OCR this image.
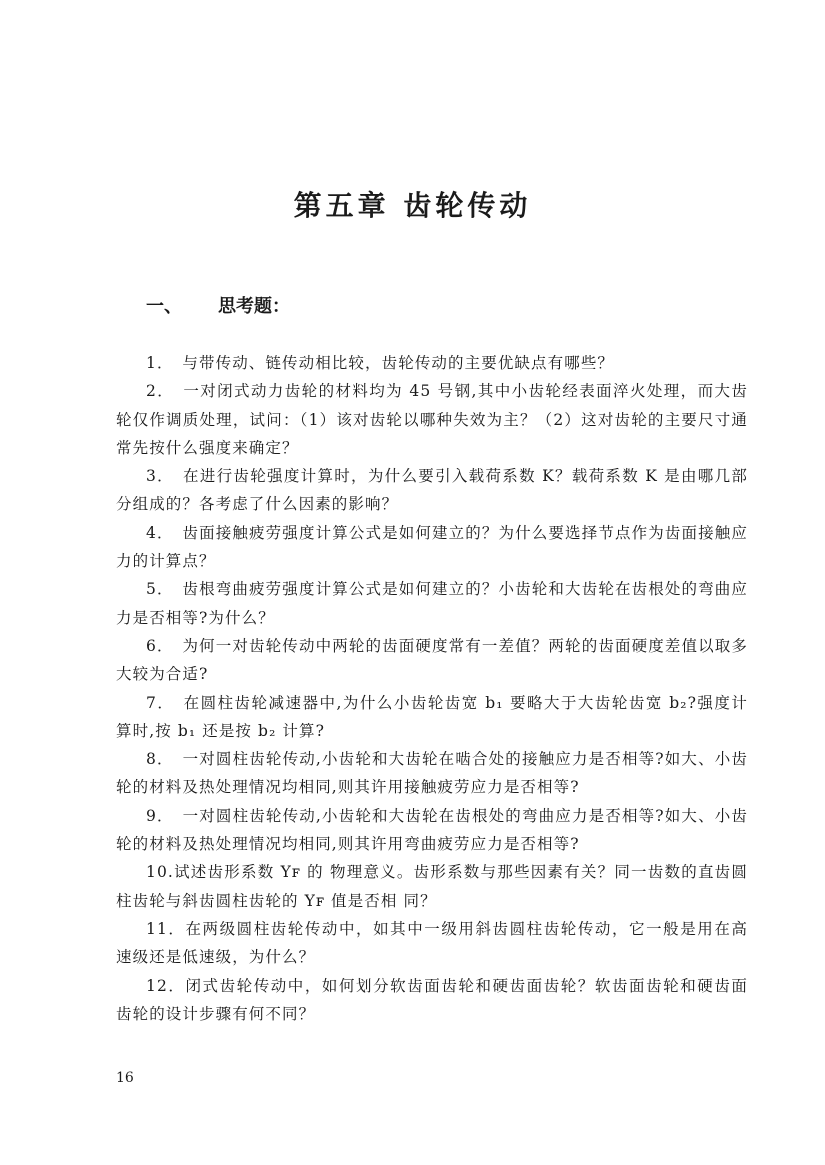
第五章 齿轮传动
一、 思考题：

1．　与带传动、链传动相比较，齿轮传动的主要优缺点有哪些？

2．　一对闭式动力齿轮的材料均为 45 号钢,其中小齿轮经表面淬火处理，而大齿轮仅作调质处理，试问：（1）该对齿轮以哪种失效为主？（2）这对齿轮的主要尺寸通常先按什么强度来确定？

3．　在进行齿轮强度计算时，为什么要引入载荷系数 K？载荷系数 K 是由哪几部分组成的？各考虑了什么因素的影响？

4．　齿面接触疲劳强度计算公式是如何建立的？为什么要选择节点作为齿面接触应力的计算点？

5．　齿根弯曲疲劳强度计算公式是如何建立的？小齿轮和大齿轮在齿根处的弯曲应力是否相等?为什么？

6．　为何一对齿轮传动中两轮的齿面硬度常有一差值？两轮的齿面硬度差值以取多大较为合适?

7．　在圆柱齿轮减速器中,为什么小齿轮齿宽 b₁ 要略大于大齿轮齿宽 b₂?强度计算时,按 b₁ 还是按 b₂ 计算?

8．　一对圆柱齿轮传动,小齿轮和大齿轮在啮合处的接触应力是否相等?如大、小齿轮的材料及热处理情况均相同,则其许用接触疲劳应力是否相等?

9．　一对圆柱齿轮传动,小齿轮和大齿轮在齿根处的弯曲应力是否相等?如大、小齿轮的材料及热处理情况均相同,则其许用弯曲疲劳应力是否相等?

10.试述齿形系数 Yꜰ 的 物理意义。齿形系数与那些因素有关？同一齿数的直齿圆柱齿轮与斜齿圆柱齿轮的 Yꜰ 值是否相 同？

11．在两级圆柱齿轮传动中，如其中一级用斜齿圆柱齿轮传动，它一般是用在高速级还是低速级，为什么？

12．闭式齿轮传动中，如何划分软齿面齿轮和硬齿面齿轮？软齿面齿轮和硬齿面齿轮的设计步骤有何不同？

16
